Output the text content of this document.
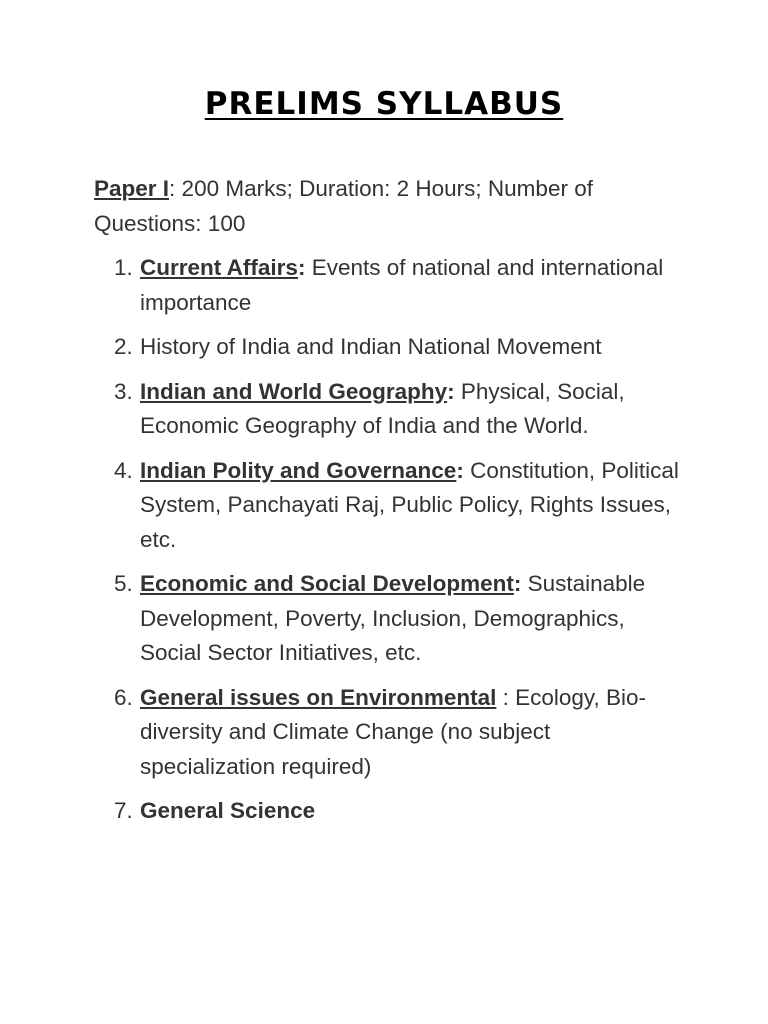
PRELIMS SYLLABUS

Paper I: 200 Marks; Duration: 2 Hours; Number of Questions: 100

1. Current Affairs: Events of national and international importance
2. History of India and Indian National Movement
3. Indian and World Geography: Physical, Social, Economic Geography of India and the World.
4. Indian Polity and Governance: Constitution, Political System, Panchayati Raj, Public Policy, Rights Issues, etc.
5. Economic and Social Development: Sustainable Development, Poverty, Inclusion, Demographics, Social Sector Initiatives, etc.
6. General issues on Environmental : Ecology, Bio-diversity and Climate Change (no subject specialization required)
7. General Science
